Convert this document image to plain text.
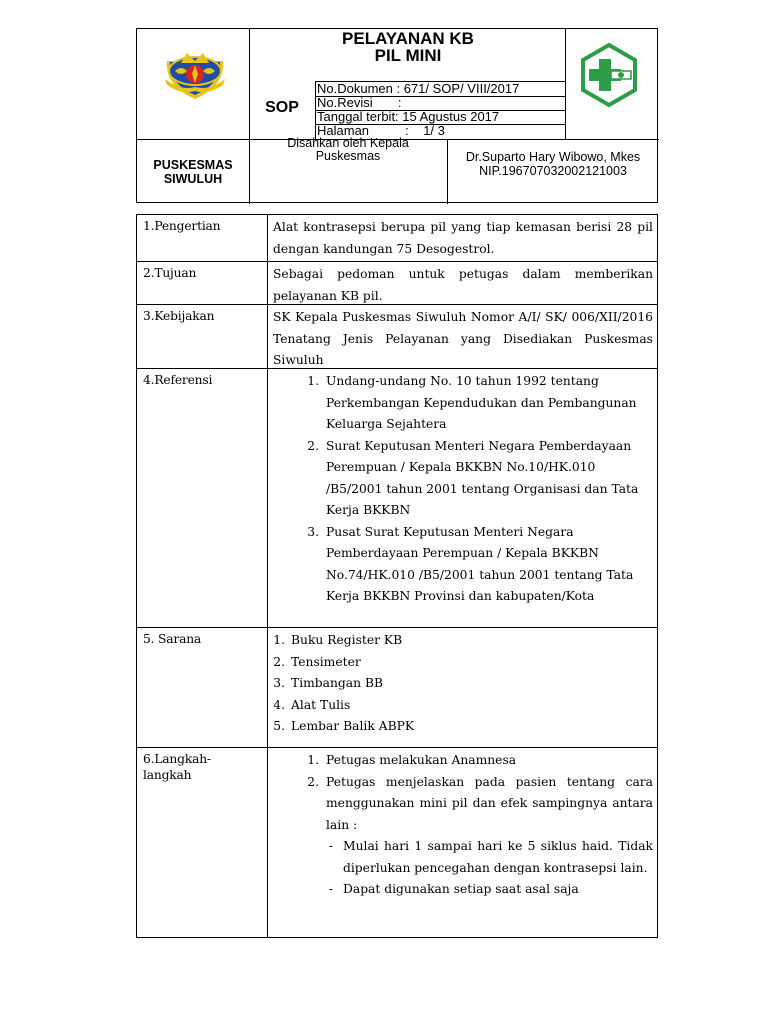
PELAYANAN KB
PIL MINI
SOP
No.Dokumen : 671/ SOP/ VIII/2017
No.Revisi       :
Tanggal terbit: 15 Agustus 2017
Halaman          :    1/ 3
PUSKESMAS
SIWULUH
Disahkan oleh Kepala
Puskesmas	Dr.Suparto Hary Wibowo, Mkes
NIP.196707032002121003
1.Pengertian	Alat kontrasepsi berupa pil yang tiap kemasan berisi 28 pil dengan kandungan 75 Desogestrol.
2.Tujuan	Sebagai pedoman untuk petugas dalam memberikan pelayanan KB pil.
3.Kebijakan	SK Kepala Puskesmas Siwuluh Nomor A/I/ SK/ 006/XII/2016 Tenatang Jenis Pelayanan yang Disediakan Puskesmas Siwuluh
4.Referensi	1. Undang-undang No. 10 tahun 1992 tentang Perkembangan Kependudukan dan Pembangunan Keluarga Sejahtera
2. Surat Keputusan Menteri Negara Pemberdayaan Perempuan / Kepala BKKBN No.10/HK.010 /B5/2001 tahun 2001 tentang Organisasi dan Tata Kerja BKKBN
3. Pusat Surat Keputusan Menteri Negara Pemberdayaan Perempuan / Kepala BKKBN No.74/HK.010 /B5/2001 tahun 2001 tentang Tata Kerja BKKBN Provinsi dan kabupaten/Kota
5. Sarana	1. Buku Register KB
2. Tensimeter
3. Timbangan BB
4. Alat Tulis
5. Lembar Balik ABPK
6.Langkah-langkah
1. Petugas melakukan Anamnesa
2. Petugas menjelaskan pada pasien tentang cara menggunakan mini pil dan efek sampingnya antara lain :
- Mulai hari 1 sampai hari ke 5 siklus haid. Tidak diperlukan pencegahan dengan kontrasepsi lain.
- Dapat digunakan setiap saat asal saja
